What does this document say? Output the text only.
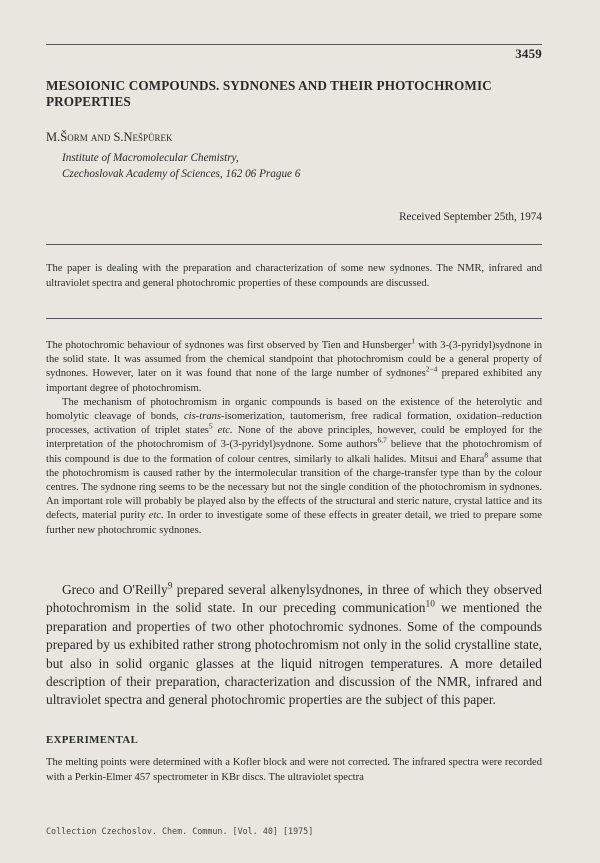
3459
MESOIONIC COMPOUNDS. SYDNONES AND THEIR PHOTOCHROMIC PROPERTIES

M.Šorm and S.Nešpůrek

Institute of Macromolecular Chemistry,
Czechoslovak Academy of Sciences, 162 06 Prague 6

Received September 25th, 1974

The paper is dealing with the preparation and characterization of some new sydnones. The NMR, infrared and ultraviolet spectra and general photochromic properties of these compounds are discussed.

The photochromic behaviour of sydnones was first observed by Tien and Hunsberger$^1$ with 3-(3-pyridyl)sydnone in the solid state. It was assumed from the chemical standpoint that photochromism could be a general property of sydnones. However, later on it was found that none of the large number of sydnones$^{2-4}$ prepared exhibited any important degree of photochromism.

The mechanism of photochromism in organic compounds is based on the existence of the heterolytic and homolytic cleavage of bonds, cis-trans-isomerization, tautomerism, free radical formation, oxidation–reduction processes, activation of triplet states$^5$ etc. None of the above principles, however, could be employed for the interpretation of the photochromism of 3-(3-pyridyl)sydnone. Some authors$^{6,7}$ believe that the photochromism of this compound is due to the formation of colour centres, similarly to alkali halides. Mitsui and Ehara$^8$ assume that the photochromism is caused rather by the intermolecular transition of the charge-transfer type than by the colour centres. The sydnone ring seems to be the necessary but not the single condition of the photochromism in sydnones. An important role will probably be played also by the effects of the structural and steric nature, crystal lattice and its defects, material purity etc. In order to investigate some of these effects in greater detail, we tried to prepare some further new photochromic sydnones.

Greco and O'Reilly$^9$ prepared several alkenylsydnones, in three of which they observed photochromism in the solid state. In our preceding communication$^{10}$ we mentioned the preparation and properties of two other photochromic sydnones. Some of the compounds prepared by us exhibited rather strong photochromism not only in the solid crystalline state, but also in solid organic glasses at the liquid nitrogen temperatures. A more detailed description of their preparation, characterization and discussion of the NMR, infrared and ultraviolet spectra and general photochromic properties are the subject of this paper.

EXPERIMENTAL

The melting points were determined with a Kofler block and were not corrected. The infrared spectra were recorded with a Perkin-Elmer 457 spectrometer in KBr discs. The ultraviolet spectra

Collection Czechoslov. Chem. Commun. [Vol. 40] [1975]
